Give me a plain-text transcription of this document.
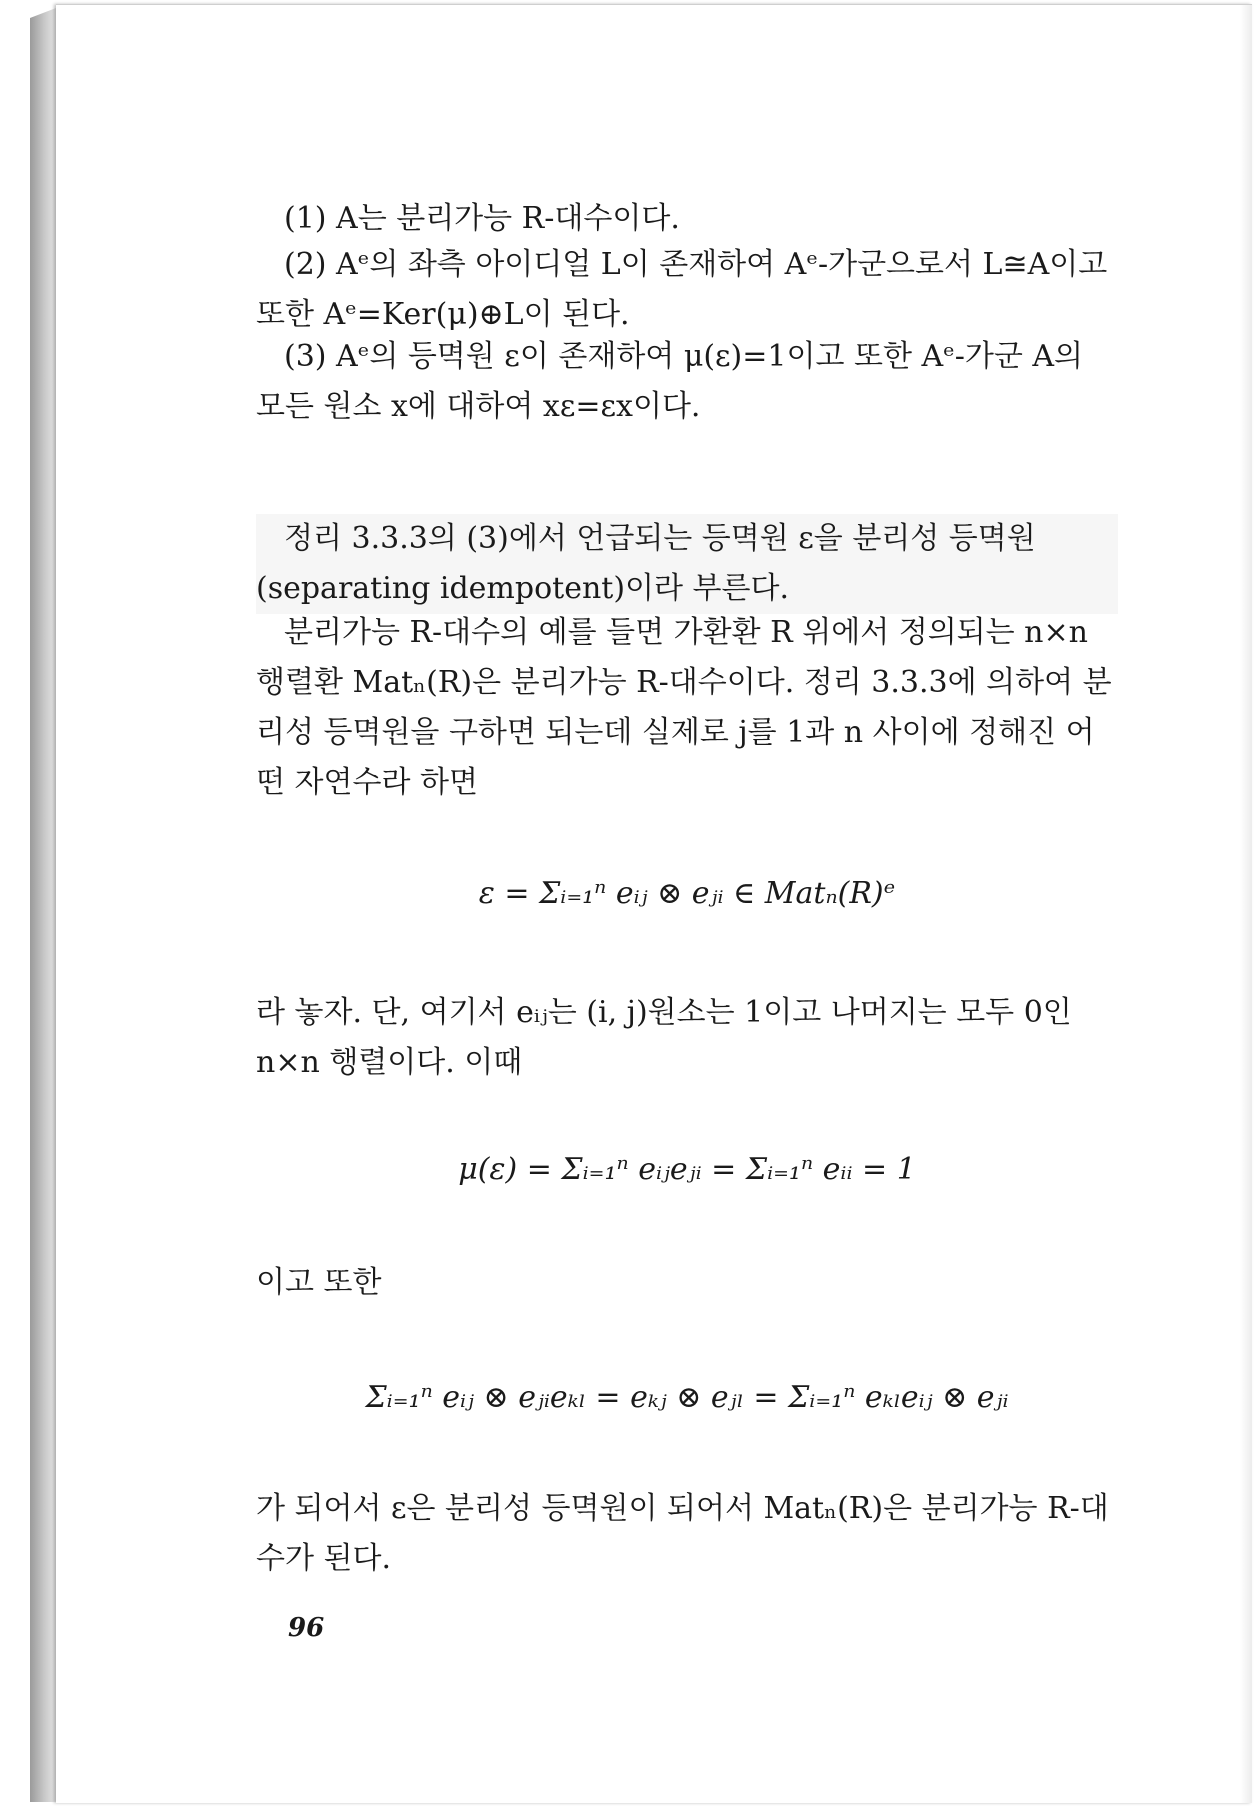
(1) A는 분리가능 R-대수이다.

(2) Aᵉ의 좌측 아이디얼 L이 존재하여 Aᵉ-가군으로서 L≅A이고 또한 Aᵉ=Ker(μ)⊕L이 된다.

(3) Aᵉ의 등멱원 ε이 존재하여 μ(ε)=1이고 또한 Aᵉ-가군 A의 모든 원소 x에 대하여 xε=εx이다.

정리 3.3.3의 (3)에서 언급되는 등멱원 ε을 분리성 등멱원(separating idempotent)이라 부른다.

분리가능 R-대수의 예를 들면 가환환 R 위에서 정의되는 n×n 행렬환 Matₙ(R)은 분리가능 R-대수이다. 정리 3.3.3에 의하여 분리성 등멱원을 구하면 되는데 실제로 j를 1과 n 사이에 정해진 어떤 자연수라 하면

ε = Σᵢ₌₁ⁿ eᵢⱼ ⊗ eⱼᵢ ∈ Matₙ(R)ᵉ

라 놓자. 단, 여기서 eᵢⱼ는 (i, j)원소는 1이고 나머지는 모두 0인 n×n 행렬이다. 이때

μ(ε) = Σᵢ₌₁ⁿ eᵢⱼeⱼᵢ = Σᵢ₌₁ⁿ eᵢᵢ = 1

이고 또한

Σᵢ₌₁ⁿ eᵢⱼ ⊗ eⱼᵢeₖₗ = eₖⱼ ⊗ eⱼₗ = Σᵢ₌₁ⁿ eₖₗeᵢⱼ ⊗ eⱼᵢ

가 되어서 ε은 분리성 등멱원이 되어서 Matₙ(R)은 분리가능 R-대수가 된다.

96
